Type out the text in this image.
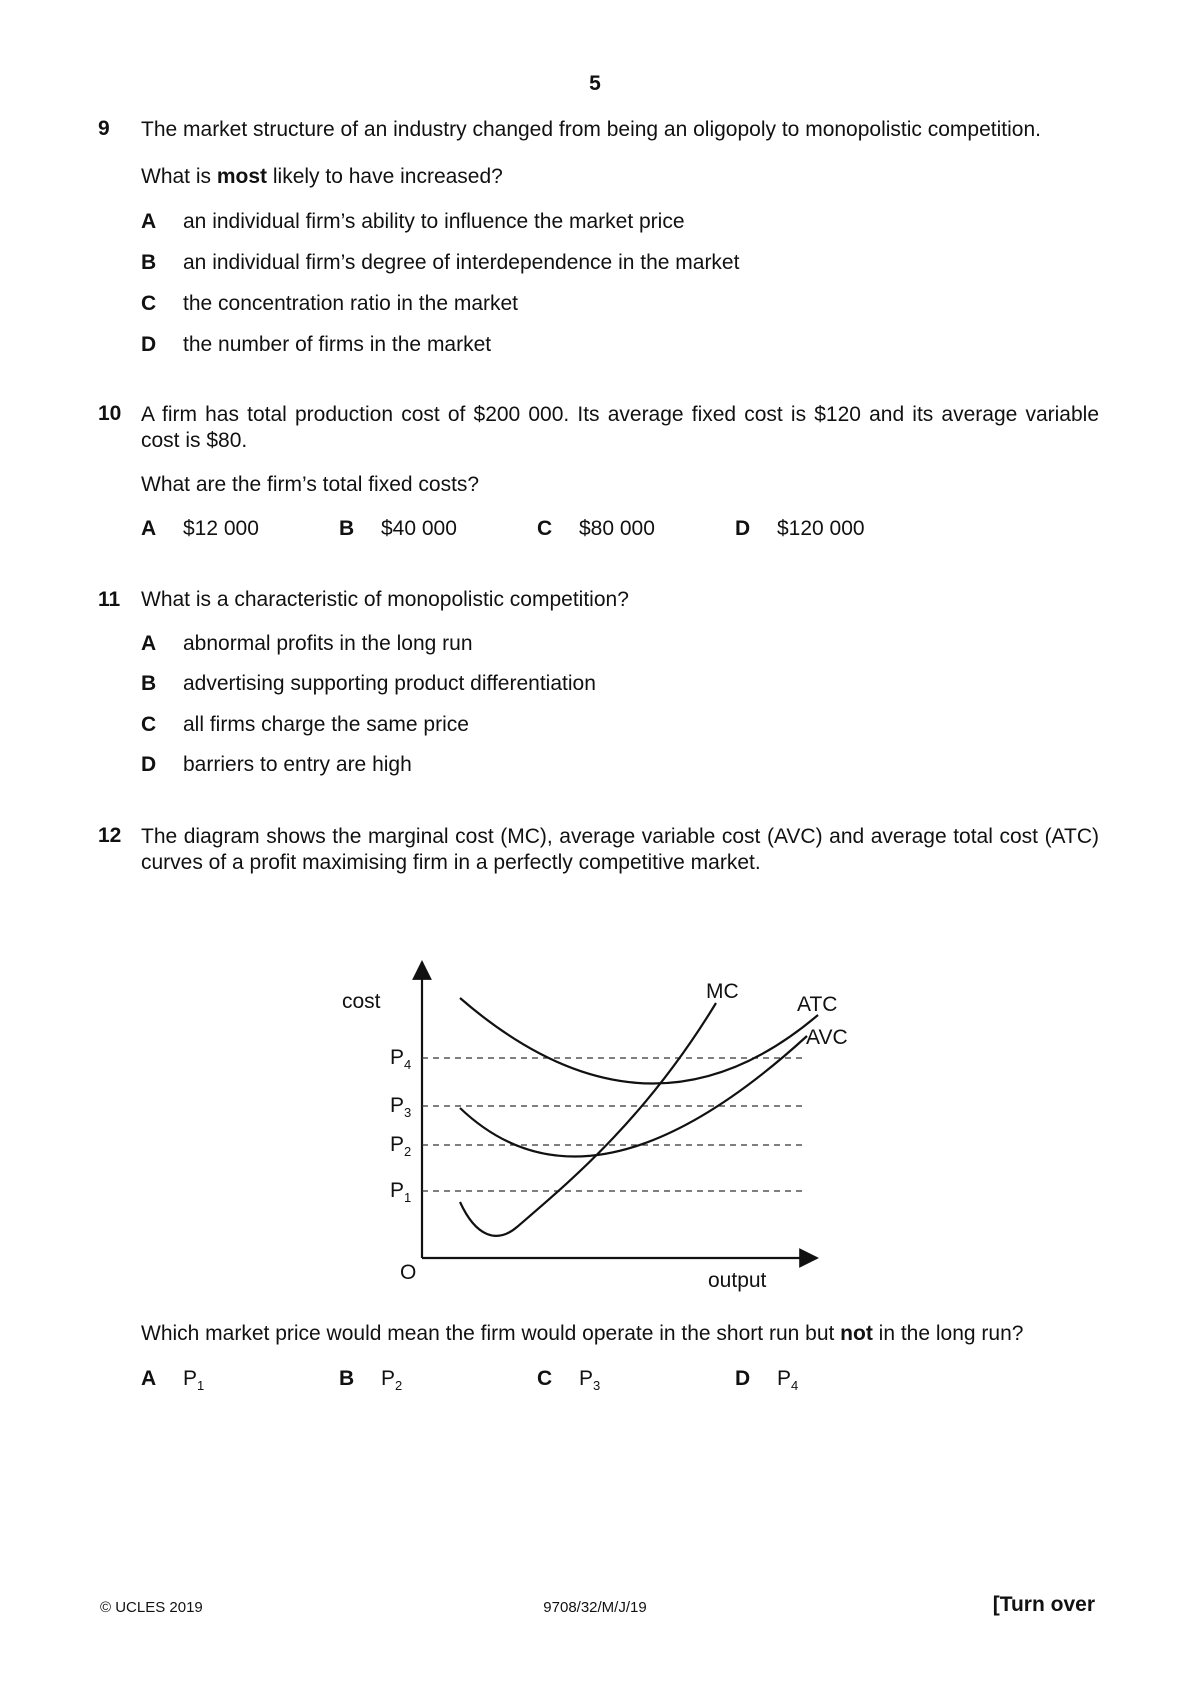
5
9 The market structure of an industry changed from being an oligopoly to monopolistic competition.
What is most likely to have increased?
A an individual firm’s ability to influence the market price
B an individual firm’s degree of interdependence in the market
C the concentration ratio in the market
D the number of firms in the market
10 A firm has total production cost of $200 000. Its average fixed cost is $120 and its average variable cost is $80.
What are the firm’s total fixed costs?
A $12 000	B $40 000	C $80 000	D $120 000
11 What is a characteristic of monopolistic competition?
A abnormal profits in the long run
B advertising supporting product differentiation
C all firms charge the same price
D barriers to entry are high
12 The diagram shows the marginal cost (MC), average variable cost (AVC) and average total cost (ATC) curves of a profit maximising firm in a perfectly competitive market.
cost
output
O
MC
ATC
AVC
$P_4$
$P_3$
$P_2$
$P_1$
Which market price would mean the firm would operate in the short run but not in the long run?
A $P_1$	B $P_2$	C $P_3$	D $P_4$
© UCLES 2019	9708/32/M/J/19	[Turn over
